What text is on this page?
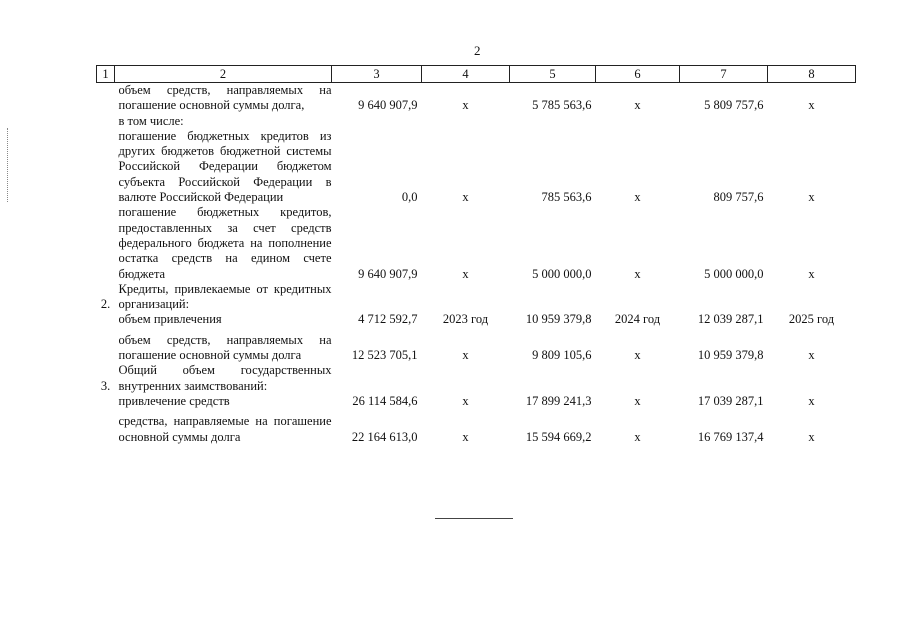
2
1	2	3	4	5	6	7	8
	объем средств, направляемых на погашение основной суммы долга,	9 640 907,9	x	5 785 563,6	x	5 809 757,6	x
	в том числе:						
	погашение бюджетных кредитов из других бюджетов бюджетной системы Российской Федерации бюджетом субъекта Российской Федерации в валюте Российской Федерации	0,0	x	785 563,6	x	809 757,6	x
	погашение бюджетных кредитов, предоставленных за счет средств федерального бюджета на пополнение остатка средств на едином счете бюджета	9 640 907,9	x	5 000 000,0	x	5 000 000,0	x
2.	Кредиты, привлекаемые от кредитных организаций:						
	объем привлечения	4 712 592,7	2023 год	10 959 379,8	2024 год	12 039 287,1	2025 год
	объем средств, направляемых на погашение основной суммы долга	12 523 705,1	x	9 809 105,6	x	10 959 379,8	x
3.	Общий объем государственных внутренних заимствований:						
	привлечение средств	26 114 584,6	x	17 899 241,3	x	17 039 287,1	x
	средства, направляемые на погашение основной суммы долга	22 164 613,0	x	15 594 669,2	x	16 769 137,4	x
